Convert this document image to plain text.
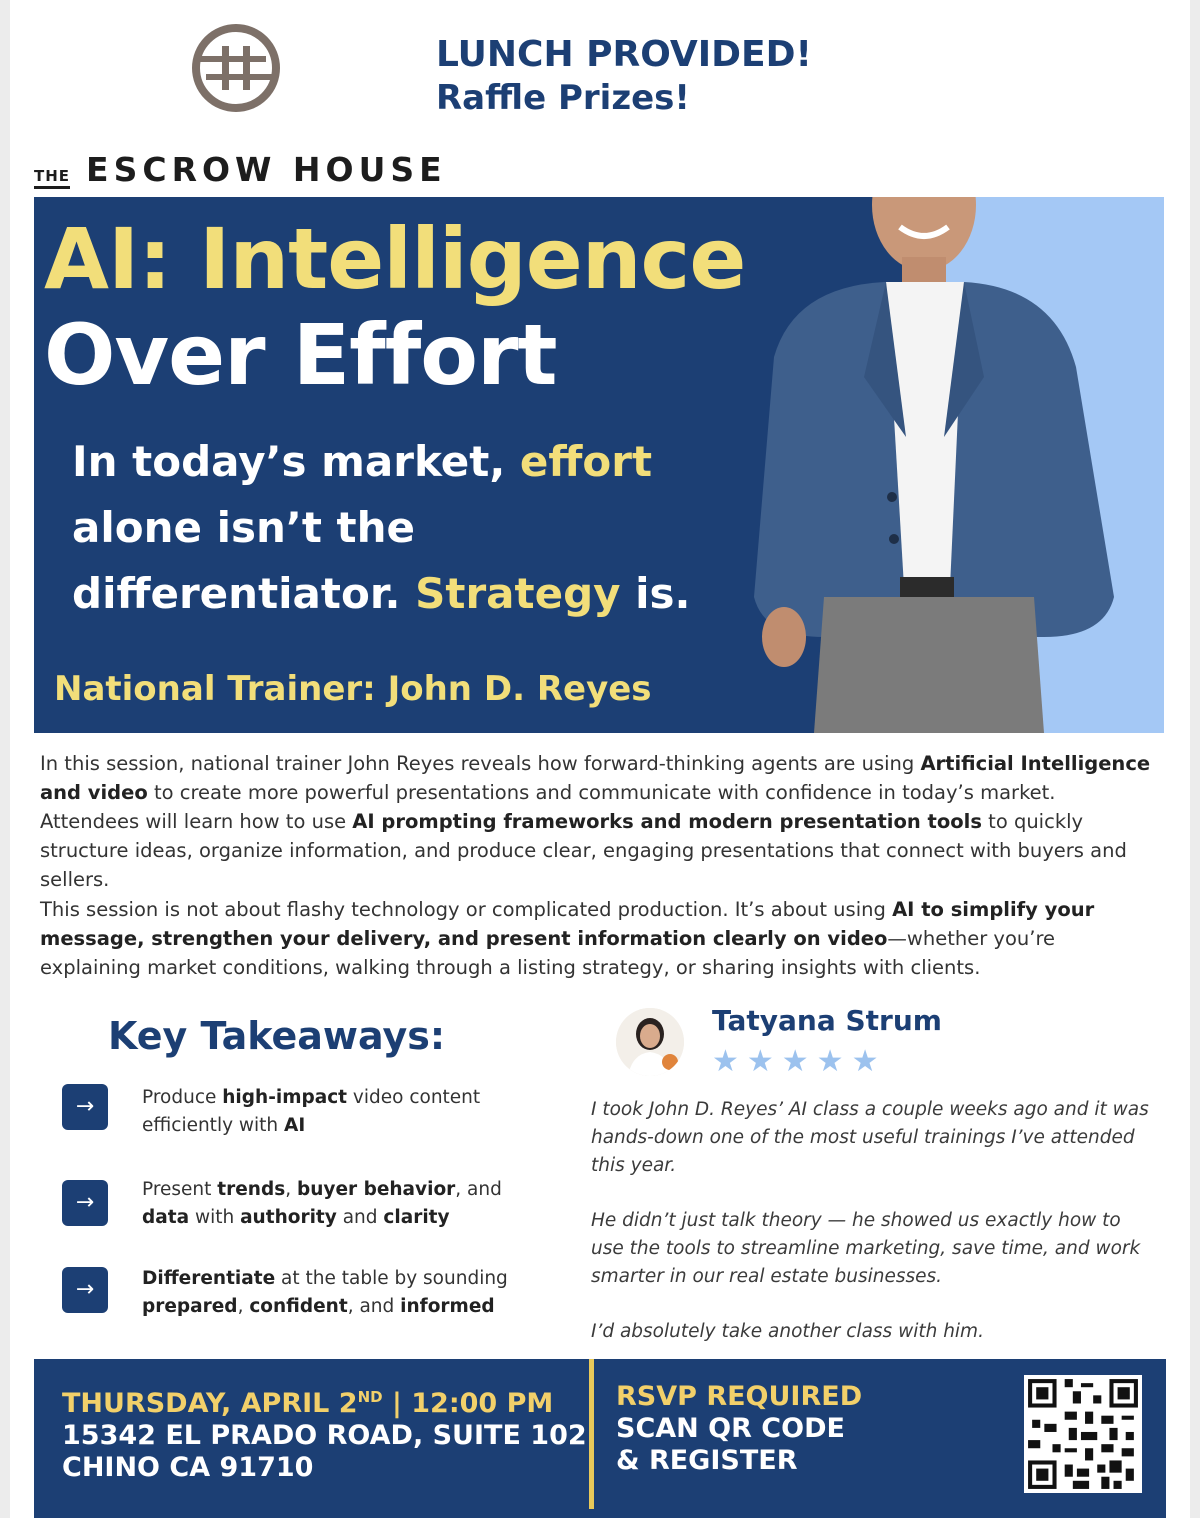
THE ESCROW HOUSE
LUNCH PROVIDED!
Raffle Prizes!
AI: Intelligence
Over Effort
In today’s market, effort alone isn’t the differentiator. Strategy is.
National Trainer: John D. Reyes
In this session, national trainer John Reyes reveals how forward-thinking agents are using Artificial Intelligence and video to create more powerful presentations and communicate with confidence in today’s market. Attendees will learn how to use AI prompting frameworks and modern presentation tools to quickly structure ideas, organize information, and produce clear, engaging presentations that connect with buyers and sellers.
This session is not about flashy technology or complicated production. It’s about using AI to simplify your message, strengthen your delivery, and present information clearly on video—whether you’re explaining market conditions, walking through a listing strategy, or sharing insights with clients.
Key Takeaways:
→	Produce high-impact video content efficiently with AI
→
Present trends, buyer behavior, and data with authority and clarity
→	Differentiate at the table by sounding prepared, confident, and informed
Tatyana Strum
★★★★★
I took John D. Reyes’ AI class a couple weeks ago and it was hands-down one of the most useful trainings I’ve attended this year.
He didn’t just talk theory — he showed us exactly how to use the tools to streamline marketing, save time, and work smarter in our real estate businesses.
I’d absolutely take another class with him.
THURSDAY, APRIL 2ND | 12:00 PM
15342 EL PRADO ROAD, SUITE 102
CHINO CA 91710
RSVP REQUIRED
SCAN QR CODE
& REGISTER
